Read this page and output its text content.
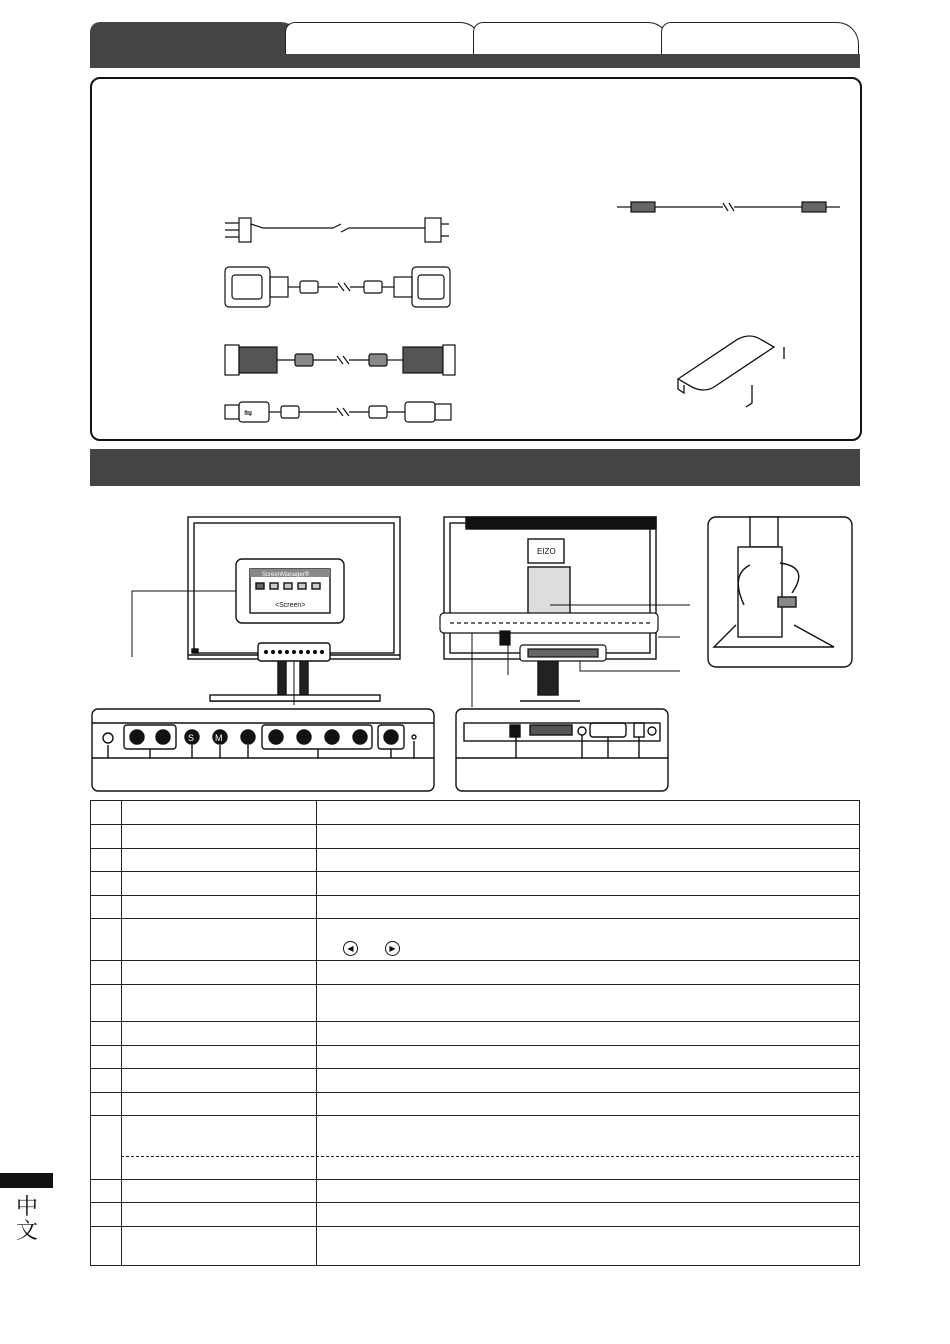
⇋
ScreenManager®
<Screen>
EIZO
S M
◀	▶
中文
